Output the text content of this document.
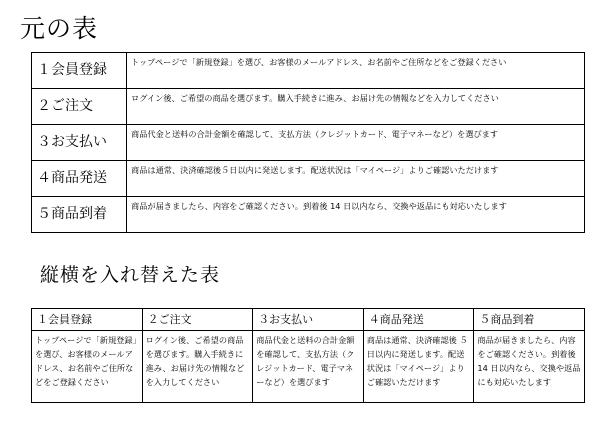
元の表
１会員登録	トップページで「新規登録」を選び、お客様のメールアドレス、お名前やご住所などをご登録ください
２ご注文	ログイン後、ご希望の商品を選びます。購入手続きに進み、お届け先の情報などを入力してください
３お支払い	商品代金と送料の合計金額を確認して、支払方法（クレジットカード、電子マネーなど）を選びます
４商品発送	商品は通常、決済確認後５日以内に発送します。配送状況は「マイページ」よりご確認いただけます
５商品到着	商品が届きましたら、内容をご確認ください。到着後 14 日以内なら、交換や返品にも対応いたします
縦横を入れ替えた表
１会員登録	２ご注文	３お支払い	４商品発送	５商品到着
トップページで「新規登録」を選び、お客様のメールアドレス、お名前やご住所などをご登録ください	ログイン後、ご希望の商品を選びます。購入手続きに進み、お届け先の情報などを入力してください	商品代金と送料の合計金額を確認して、支払方法（クレジットカード、電子マネーなど）を選びます	商品は通常、決済確認後 ５ 日以内に発送します。配送状況は「マイページ」よりご確認いただけます	商品が届きましたら、内容をご確認ください。到着後 14 日以内なら、交換や返品にも対応いたします
